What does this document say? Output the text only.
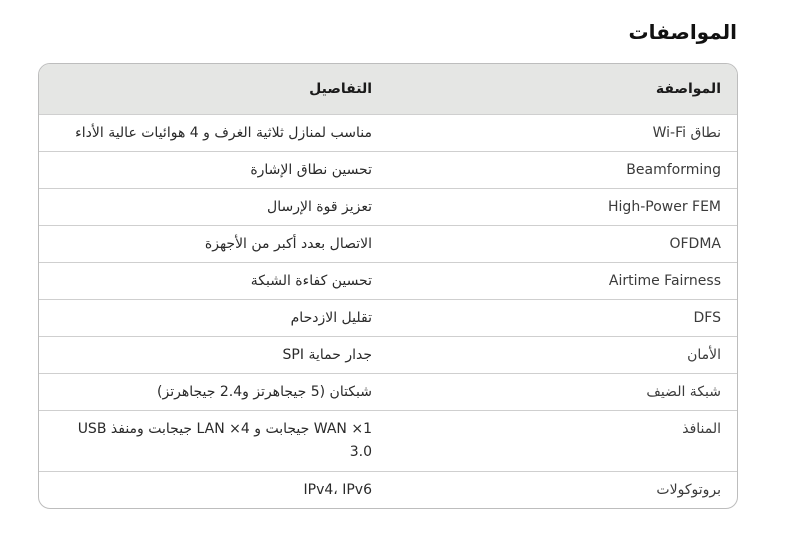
المواصفات
المواصفة
التفاصيل
نطاق Wi-Fi
مناسب لمنازل ثلاثية الغرف و 4 هوائيات عالية الأداء
Beamforming
تحسين نطاق الإشارة
High-Power FEM
تعزيز قوة الإرسال
OFDMA
الاتصال بعدد أكبر من الأجهزة
Airtime Fairness
تحسين كفاءة الشبكة
DFS
تقليل الازدحام
الأمان
جدار حماية SPI
شبكة الضيف
شبكتان (5 جيجاهرتز و2.4 جيجاهرتز)
المنافذ
1× WAN جيجابت و 4× LAN جيجابت ومنفذ USB 3.0
بروتوكولات
IPv4، IPv6
